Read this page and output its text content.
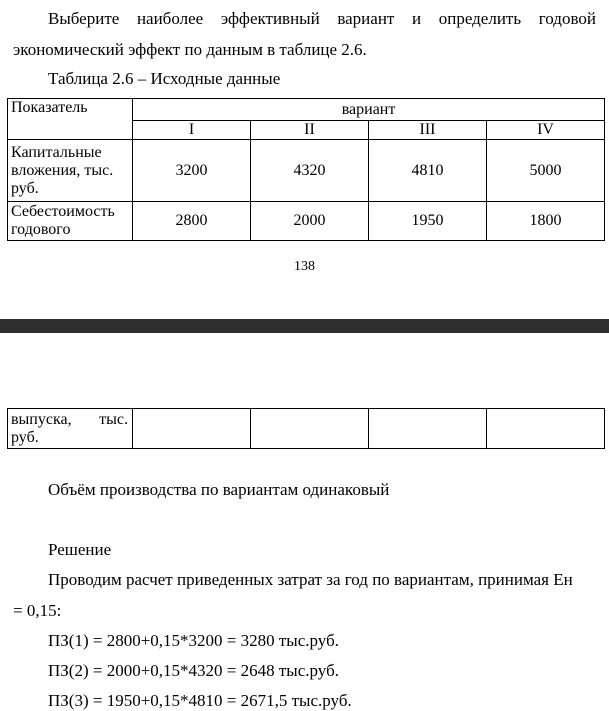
Выберите наиболее эффективный вариант и определить годовой
экономический эффект по данным в таблице 2.6.
Таблица 2.6 – Исходные данные
Показатель	вариант			
	I	II	III	IV
Капитальные вложения, тыс. руб.	3200	4320	4810	5000
Себестоимость годового	2800	2000	1950	1800
138
выпуска, тыс. руб.				
Объём производства по вариантам одинаковый
Решение
Проводим расчет приведенных затрат за год по вариантам, принимая Ен
= 0,15:
ПЗ(1) = 2800+0,15*3200 = 3280 тыс.руб.
ПЗ(2) = 2000+0,15*4320 = 2648 тыс.руб.
ПЗ(3) = 1950+0,15*4810 = 2671,5 тыс.руб.
